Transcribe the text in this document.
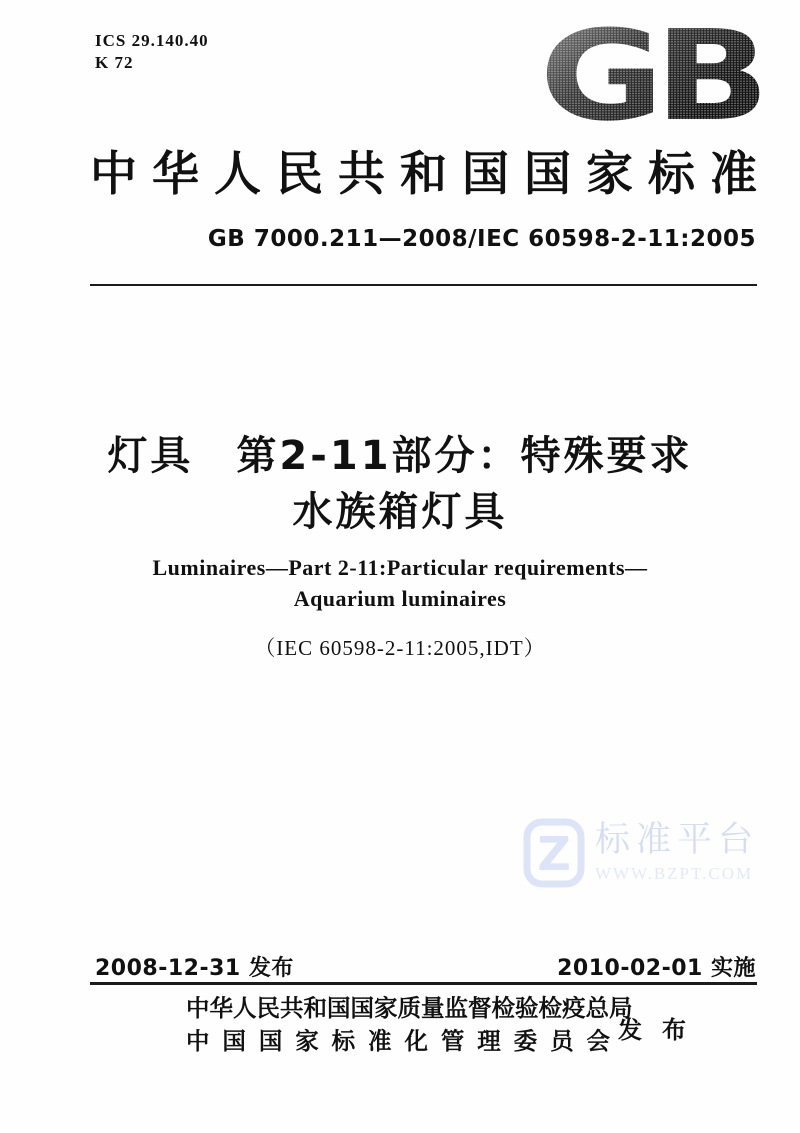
ICS 29.140.40
K 72	GB
中华人民共和国国家标准
GB 7000.211—2008/IEC 60598-2-11:2005
灯具　第2-11部分：特殊要求
水族箱灯具
Luminaires—Part 2-11:Particular requirements—
Aquarium luminaires
（IEC 60598-2-11:2005,IDT）
Z 标准平台
WWW.BZPT.COM
2008-12-31 发布	2010-02-01 实施
中华人民共和国国家质量监督检验检疫总局
中国国家标准化管理委员会 发布
